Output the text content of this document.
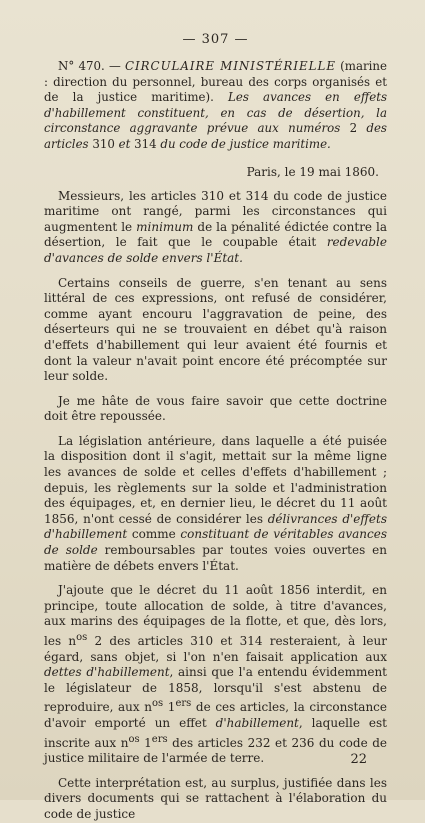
— 307 —

N° 470. — CIRCULAIRE MINISTÉRIELLE (marine : direction du personnel, bureau des corps organisés et de la justice maritime). Les avances en effets d'habillement constituent, en cas de désertion, la circonstance aggravante prévue aux numéros 2 des articles 310 et 314 du code de justice maritime.

Paris, le 19 mai 1860.

Messieurs, les articles 310 et 314 du code de justice maritime ont rangé, parmi les circonstances qui augmentent le minimum de la pénalité édictée contre la désertion, le fait que le coupable était redevable d'avances de solde envers l'État.

Certains conseils de guerre, s'en tenant au sens littéral de ces expressions, ont refusé de considérer, comme ayant encouru l'aggravation de peine, des déserteurs qui ne se trouvaient en débet qu'à raison d'effets d'habillement qui leur avaient été fournis et dont la valeur n'avait point encore été précomptée sur leur solde.

Je me hâte de vous faire savoir que cette doctrine doit être repoussée.

La législation antérieure, dans laquelle a été puisée la disposition dont il s'agit, mettait sur la même ligne les avances de solde et celles d'effets d'habillement ; depuis, les règlements sur la solde et l'administration des équipages, et, en dernier lieu, le décret du 11 août 1856, n'ont cessé de considérer les délivrances d'effets d'habillement comme constituant de véritables avances de solde remboursables par toutes voies ouvertes en matière de débets envers l'État.

J'ajoute que le décret du 11 août 1856 interdit, en principe, toute allocation de solde, à titre d'avances, aux marins des équipages de la flotte, et que, dès lors, les $n^{os}$ 2 des articles 310 et 314 resteraient, à leur égard, sans objet, si l'on n'en faisait application aux dettes d'habillement, ainsi que l'a entendu évidemment le législateur de 1858, lorsqu'il s'est abstenu de reproduire, aux $n^{os}$ 1ers de ces articles, la circonstance d'avoir emporté un effet d'habillement, laquelle est inscrite aux $n^{os}$ 1ers des articles 232 et 236 du code de justice militaire de l'armée de terre.

Cette interprétation est, au surplus, justifiée dans les divers documents qui se rattachent à l'élaboration du code de justice

22
